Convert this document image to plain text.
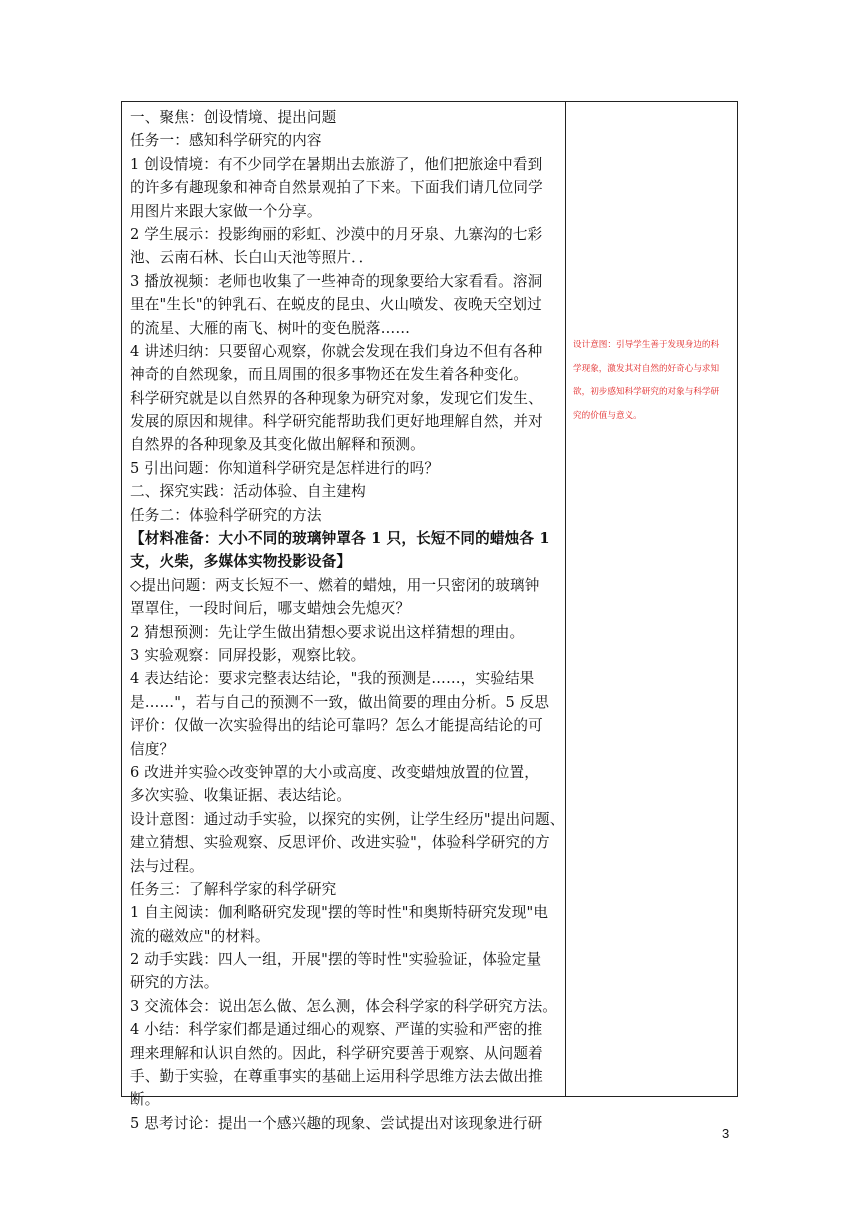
一、聚焦：创设情境、提出问题
任务一：感知科学研究的内容
1 创设情境：有不少同学在暑期出去旅游了，他们把旅途中看到
的许多有趣现象和神奇自然景观拍了下来。下面我们请几位同学
用图片来跟大家做一个分享。
2 学生展示：投影绚丽的彩虹、沙漠中的月牙泉、九寨沟的七彩
池、云南石林、长白山天池等照片．．
3 播放视频：老师也收集了一些神奇的现象要给大家看看。溶洞
里在"生长"的钟乳石、在蜕皮的昆虫、火山喷发、夜晚天空划过
的流星、大雁的南飞、树叶的变色脱落……
4 讲述归纳：只要留心观察，你就会发现在我们身边不但有各种
神奇的自然现象，而且周围的很多事物还在发生着各种变化。
科学研究就是以自然界的各种现象为研究对象，发现它们发生、
发展的原因和规律。科学研究能帮助我们更好地理解自然，并对
自然界的各种现象及其变化做出解释和预测。
5 引出问题：你知道科学研究是怎样进行的吗？
二、探究实践：活动体验、自主建构
任务二：体验科学研究的方法
【材料准备：大小不同的玻璃钟罩各 1 只，长短不同的蜡烛各 1
支，火柴，多媒体实物投影设备】
◇提出问题：两支长短不一、燃着的蜡烛，用一只密闭的玻璃钟
罩罩住，一段时间后，哪支蜡烛会先熄灭？
2 猜想预测：先让学生做出猜想◇要求说出这样猜想的理由。
3 实验观察：同屏投影，观察比较。
4 表达结论：要求完整表达结论，"我的预测是……，实验结果
是……"，若与自己的预测不一致，做出简要的理由分析。5 反思
评价：仅做一次实验得出的结论可靠吗？怎么才能提高结论的可
信度？
6 改进并实验◇改变钟罩的大小或高度、改变蜡烛放置的位置，
多次实验、收集证据、表达结论。
设计意图：通过动手实验，以探究的实例，让学生经历"提出问题、
建立猜想、实验观察、反思评价、改进实验"，体验科学研究的方
法与过程。
任务三：了解科学家的科学研究
1 自主阅读：伽利略研究发现"摆的等时性"和奥斯特研究发现"电
流的磁效应"的材料。
2 动手实践：四人一组，开展"摆的等时性"实验验证，体验定量
研究的方法。
3 交流体会：说出怎么做、怎么测，体会科学家的科学研究方法。
4 小结：科学家们都是通过细心的观察、严谨的实验和严密的推
理来理解和认识自然的。因此，科学研究要善于观察、从问题着
手、勤于实验，在尊重事实的基础上运用科学思维方法去做出推
断。
5 思考讨论：提出一个感兴趣的现象、尝试提出对该现象进行研
设计意图：引导学生善于发现身边的科
学现象，激发其对自然的好奇心与求知
欲，初步感知科学研究的对象与科学研
究的价值与意义。
3
